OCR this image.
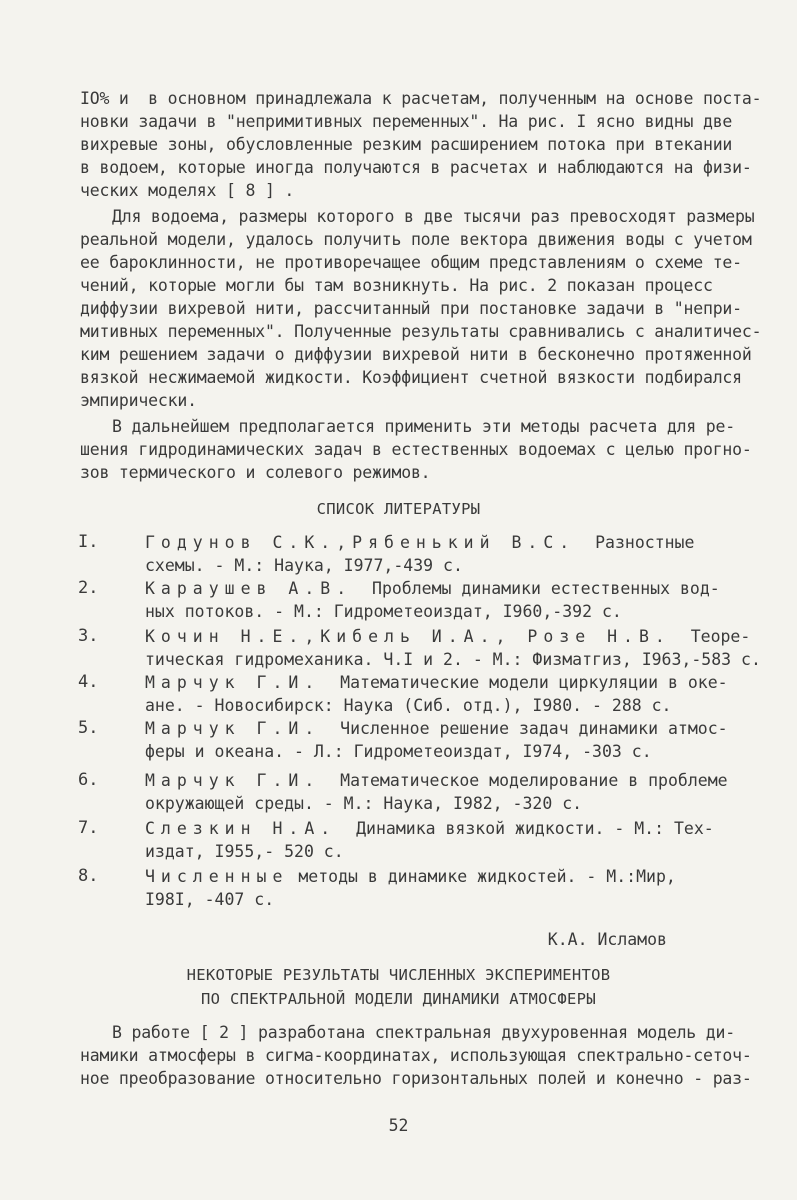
IO% и  в основном принадлежала к расчетам, полученным на основе поста-
новки задачи в "непримитивных переменных". На рис. I ясно видны две
вихревые зоны, обусловленные резким расширением потока при втекании
в водоем, которые иногда получаются в расчетах и наблюдаются на физи-
ческих моделях [ 8 ] .
Для водоема, размеры которого в две тысячи раз превосходят размеры
реальной модели, удалось получить поле вектора движения воды с учетом
ее бароклинности, не противоречащее общим представлениям о схеме те-
чений, которые могли бы там возникнуть. На рис. 2 показан процесс
диффузии вихревой нити, рассчитанный при постановке задачи в "непри-
митивных переменных". Полученные результаты сравнивались с аналитичес-
ким решением задачи о диффузии вихревой нити в бесконечно протяженной
вязкой несжимаемой жидкости. Коэффициент счетной вязкости подбирался
эмпирически.
В дальнейшем предполагается применить эти методы расчета для ре-
шения гидродинамических задач в естественных водоемах с целью прогно-
зов термического и солевого режимов.
СПИСОК ЛИТЕРАТУРЫ
I.	Годунов С.К.,Рябенький В.С.  Разностные
схемы. - М.: Наука, I977,-439 с.
2.	Караушев А.В.  Проблемы динамики естественных вод-
ных потоков. - М.: Гидрометеоиздат, I960,-392 с.
3.	Кочин Н.Е.,Кибель И.А., Розе Н.В.  Теоре-
тическая гидромеханика. Ч.I и 2. - М.: Физматгиз, I963,-583 с.
4.	Марчук Г.И.  Математические модели циркуляции в оке-
ане. - Новосибирск: Наука (Сиб. отд.), I980. - 288 с.
5.	Марчук Г.И.  Численное решение задач динамики атмос-
феры и океана. - Л.: Гидрометеоиздат, I974, -303 с.
6.	Марчук Г.И.  Математическое моделирование в проблеме
окружающей среды. - М.: Наука, I982, -320 с.
7.	Слезкин Н.А.  Динамика вязкой жидкости. - М.: Тех-
издат, I955,- 520 с.
8.	Численные методы в динамике жидкостей. - М.:Мир,
I98I, -407 с.
К.А. Исламов
НЕКОТОРЫЕ РЕЗУЛЬТАТЫ ЧИСЛЕННЫХ ЭКСПЕРИМЕНТОВ
ПО СПЕКТРАЛЬНОЙ МОДЕЛИ ДИНАМИКИ АТМОСФЕРЫ
В работе [ 2 ] разработана спектральная двухуровенная модель ди-
намики атмосферы в сигма-координатах, использующая спектрально-сеточ-
ное преобразование относительно горизонтальных полей и конечно - раз-
52
